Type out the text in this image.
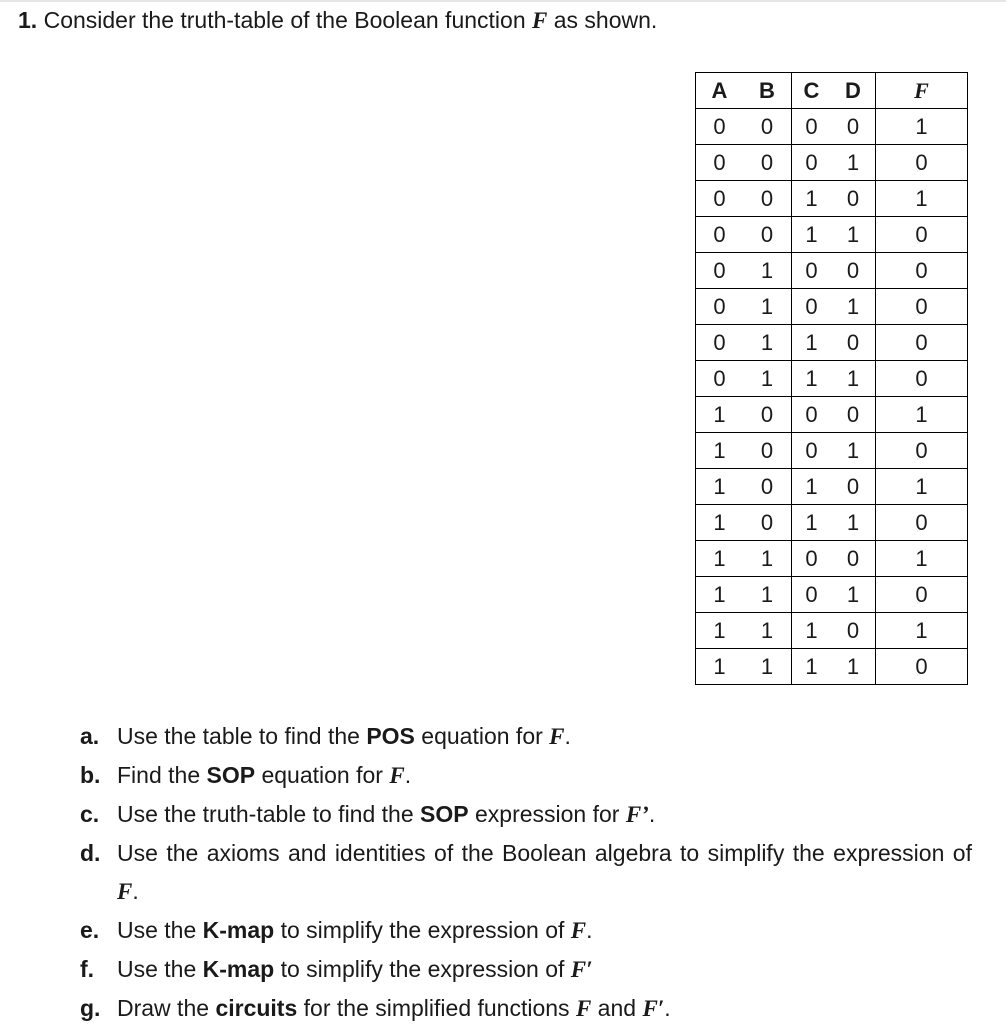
1. Consider the truth-table of the Boolean function F as shown.
A	B	C	D	F
0	0	0	0	1
0	0	0	1	0
0	0	1	0	1
0	0	1	1	0
0	1	0	0	0
0	1	0	1	0
0	1	1	0	0
0	1	1	1	0
1	0	0	0	1
1	0	0	1	0
1	0	1	0	1
1	0	1	1	0
1	1	0	0	1
1	1	0	1	0
1	1	1	0	1
1	1	1	1	0
a. Use the table to find the POS equation for F.
b. Find the SOP equation for F.
c. Use the truth-table to find the SOP expression for F’.
d. Use the axioms and identities of the Boolean algebra to simplify the expression of F.
e. Use the K-map to simplify the expression of F.
f. Use the K-map to simplify the expression of F′
g. Draw the circuits for the simplified functions F and F′.
